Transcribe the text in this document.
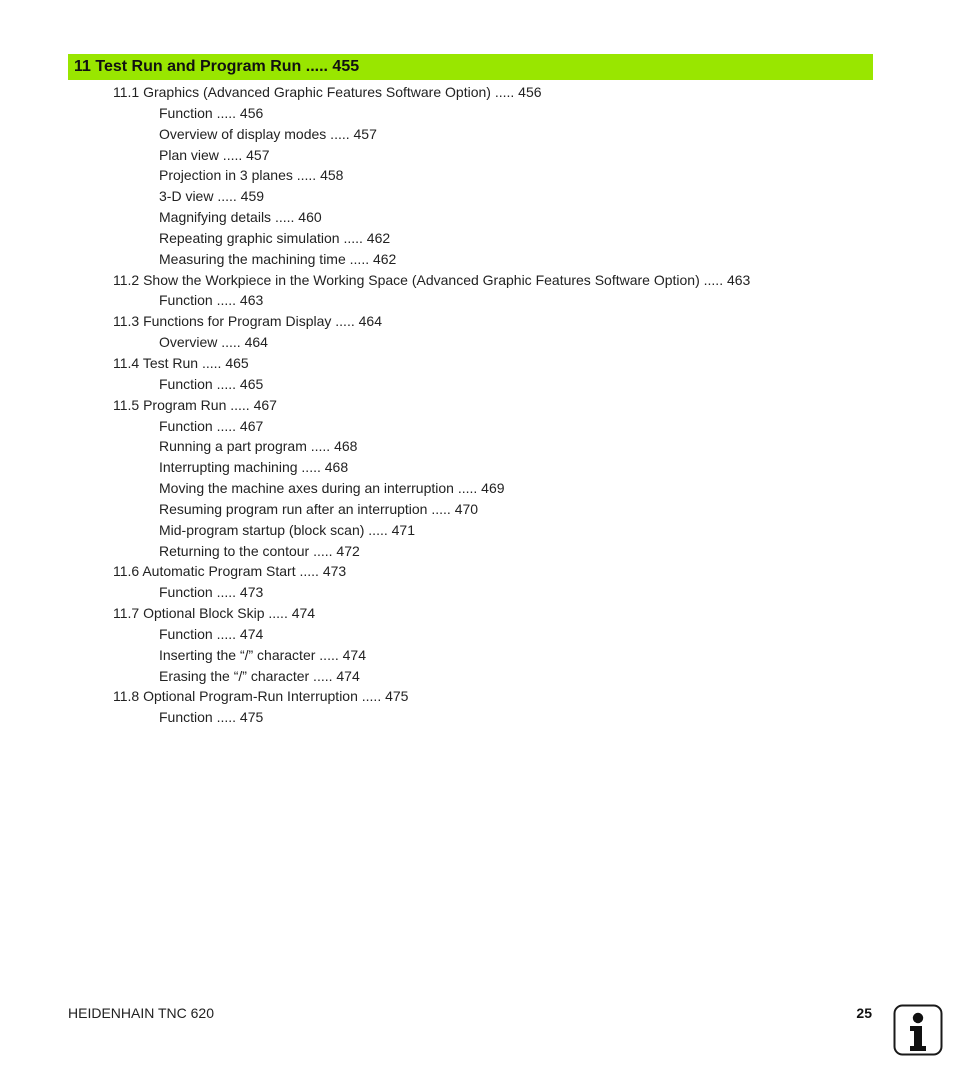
11 Test Run and Program Run ..... 455
11.1 Graphics (Advanced Graphic Features Software Option) ..... 456
Function ..... 456
Overview of display modes ..... 457
Plan view ..... 457
Projection in 3 planes ..... 458
3-D view ..... 459
Magnifying details ..... 460
Repeating graphic simulation ..... 462
Measuring the machining time ..... 462
11.2 Show the Workpiece in the Working Space (Advanced Graphic Features Software Option) ..... 463
Function ..... 463
11.3 Functions for Program Display ..... 464
Overview ..... 464
11.4 Test Run ..... 465
Function ..... 465
11.5 Program Run ..... 467
Function ..... 467
Running a part program ..... 468
Interrupting machining ..... 468
Moving the machine axes during an interruption ..... 469
Resuming program run after an interruption ..... 470
Mid-program startup (block scan) ..... 471
Returning to the contour ..... 472
11.6 Automatic Program Start ..... 473
Function ..... 473
11.7 Optional Block Skip ..... 474
Function ..... 474
Inserting the “/” character ..... 474
Erasing the “/” character ..... 474
11.8 Optional Program-Run Interruption ..... 475
Function ..... 475
HEIDENHAIN TNC 620	25
